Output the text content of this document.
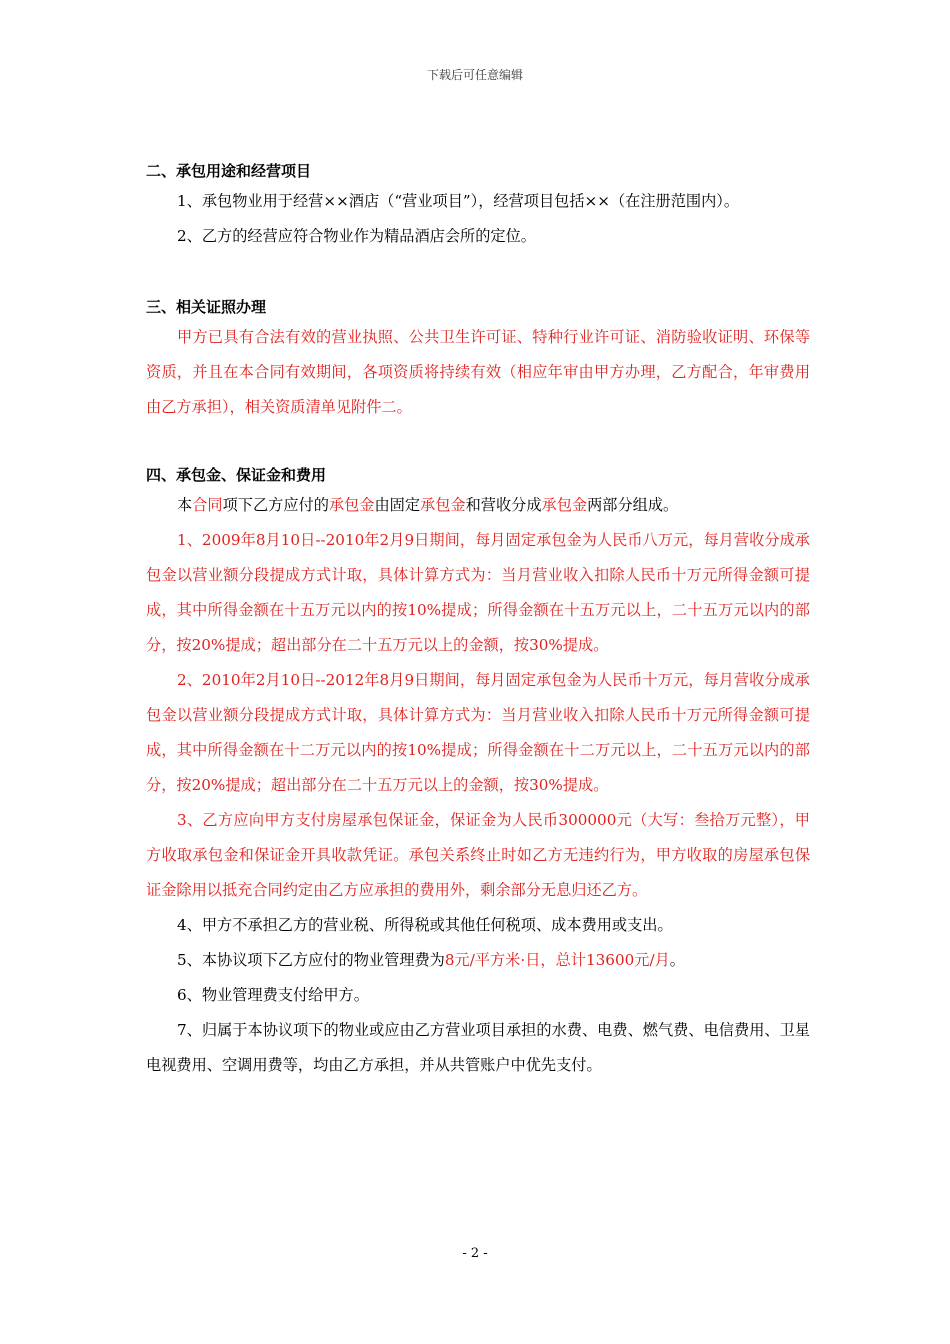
下载后可任意编辑
二、承包用途和经营项目

1、承包物业用于经营××酒店（“营业项目”），经营项目包括××（在注册范围内）。

2、乙方的经营应符合物业作为精品酒店会所的定位。

三、相关证照办理

甲方已具有合法有效的营业执照、公共卫生许可证、特种行业许可证、消防验收证明、环保等资质，并且在本合同有效期间，各项资质将持续有效（相应年审由甲方办理，乙方配合，年审费用由乙方承担），相关资质清单见附件二。

四、承包金、保证金和费用

本合同项下乙方应付的承包金由固定承包金和营收分成承包金两部分组成。

1、2009年8月10日--2010年2月9日期间，每月固定承包金为人民币八万元，每月营收分成承包金以营业额分段提成方式计取，具体计算方式为：当月营业收入扣除人民币十万元所得金额可提成，其中所得金额在十五万元以内的按10%提成；所得金额在十五万元以上，二十五万元以内的部分，按20%提成；超出部分在二十五万元以上的金额，按30%提成。

2、2010年2月10日--2012年8月9日期间，每月固定承包金为人民币十万元，每月营收分成承包金以营业额分段提成方式计取，具体计算方式为：当月营业收入扣除人民币十万元所得金额可提成，其中所得金额在十二万元以内的按10%提成；所得金额在十二万元以上，二十五万元以内的部分，按20%提成；超出部分在二十五万元以上的金额，按30%提成。

3、乙方应向甲方支付房屋承包保证金，保证金为人民币300000元（大写：叁拾万元整），甲方收取承包金和保证金开具收款凭证。承包关系终止时如乙方无违约行为，甲方收取的房屋承包保证金除用以抵充合同约定由乙方应承担的费用外，剩余部分无息归还乙方。

4、甲方不承担乙方的营业税、所得税或其他任何税项、成本费用或支出。

5、本协议项下乙方应付的物业管理费为8元/平方米·日，总计13600元/月。

6、物业管理费支付给甲方。

7、归属于本协议项下的物业或应由乙方营业项目承担的水费、电费、燃气费、电信费用、卫星电视费用、空调用费等，均由乙方承担，并从共管账户中优先支付。

- 2 -
